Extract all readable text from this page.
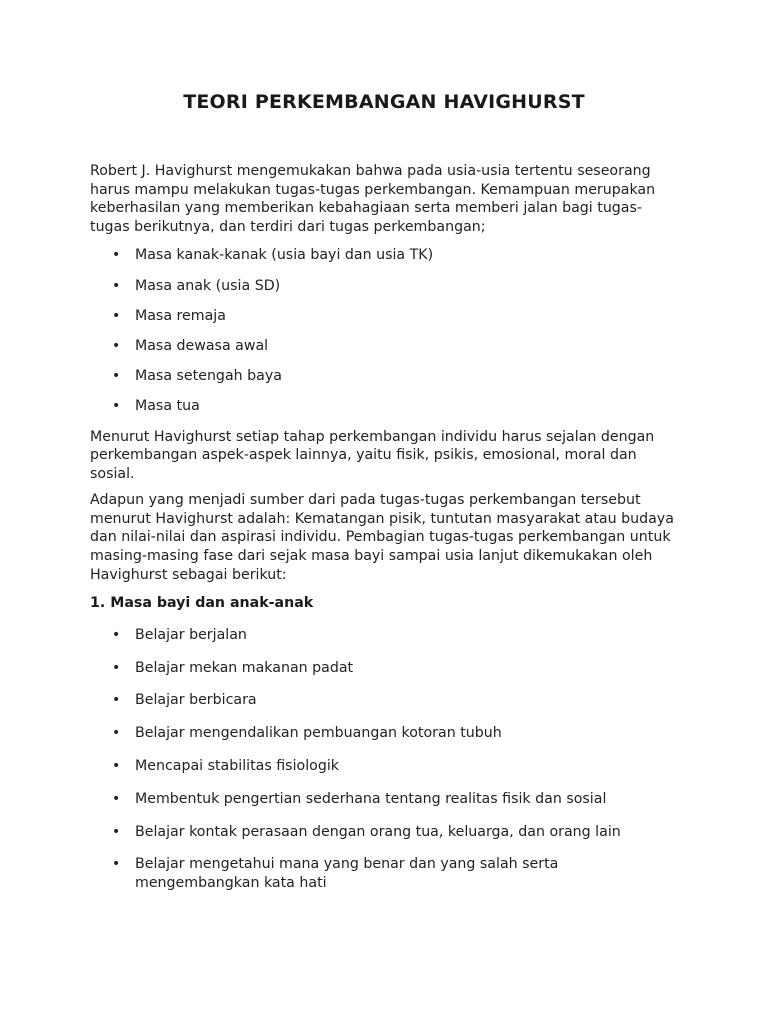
TEORI PERKEMBANGAN HAVIGHURST

Robert J. Havighurst mengemukakan bahwa pada usia-usia tertentu seseorang harus mampu melakukan tugas-tugas perkembangan. Kemampuan merupakan keberhasilan yang memberikan kebahagiaan serta memberi jalan bagi tugas-tugas berikutnya, dan terdiri dari tugas perkembangan;

• Masa kanak-kanak (usia bayi dan usia TK)
• Masa anak (usia SD)
• Masa remaja
• Masa dewasa awal
• Masa setengah baya
• Masa tua

Menurut Havighurst setiap tahap perkembangan individu harus sejalan dengan perkembangan aspek-aspek lainnya, yaitu fisik, psikis, emosional, moral dan sosial.

Adapun yang menjadi sumber dari pada tugas-tugas perkembangan tersebut menurut Havighurst adalah: Kematangan pisik, tuntutan masyarakat atau budaya dan nilai-nilai dan aspirasi individu. Pembagian tugas-tugas perkembangan untuk masing-masing fase dari sejak masa bayi sampai usia lanjut dikemukakan oleh Havighurst sebagai berikut:

1. Masa bayi dan anak-anak
• Belajar berjalan
• Belajar mekan makanan padat
• Belajar berbicara
• Belajar mengendalikan pembuangan kotoran tubuh
• Mencapai stabilitas fisiologik
• Membentuk pengertian sederhana tentang realitas fisik dan sosial
• Belajar kontak perasaan dengan orang tua, keluarga, dan orang lain
• Belajar mengetahui mana yang benar dan yang salah serta mengembangkan kata hati
